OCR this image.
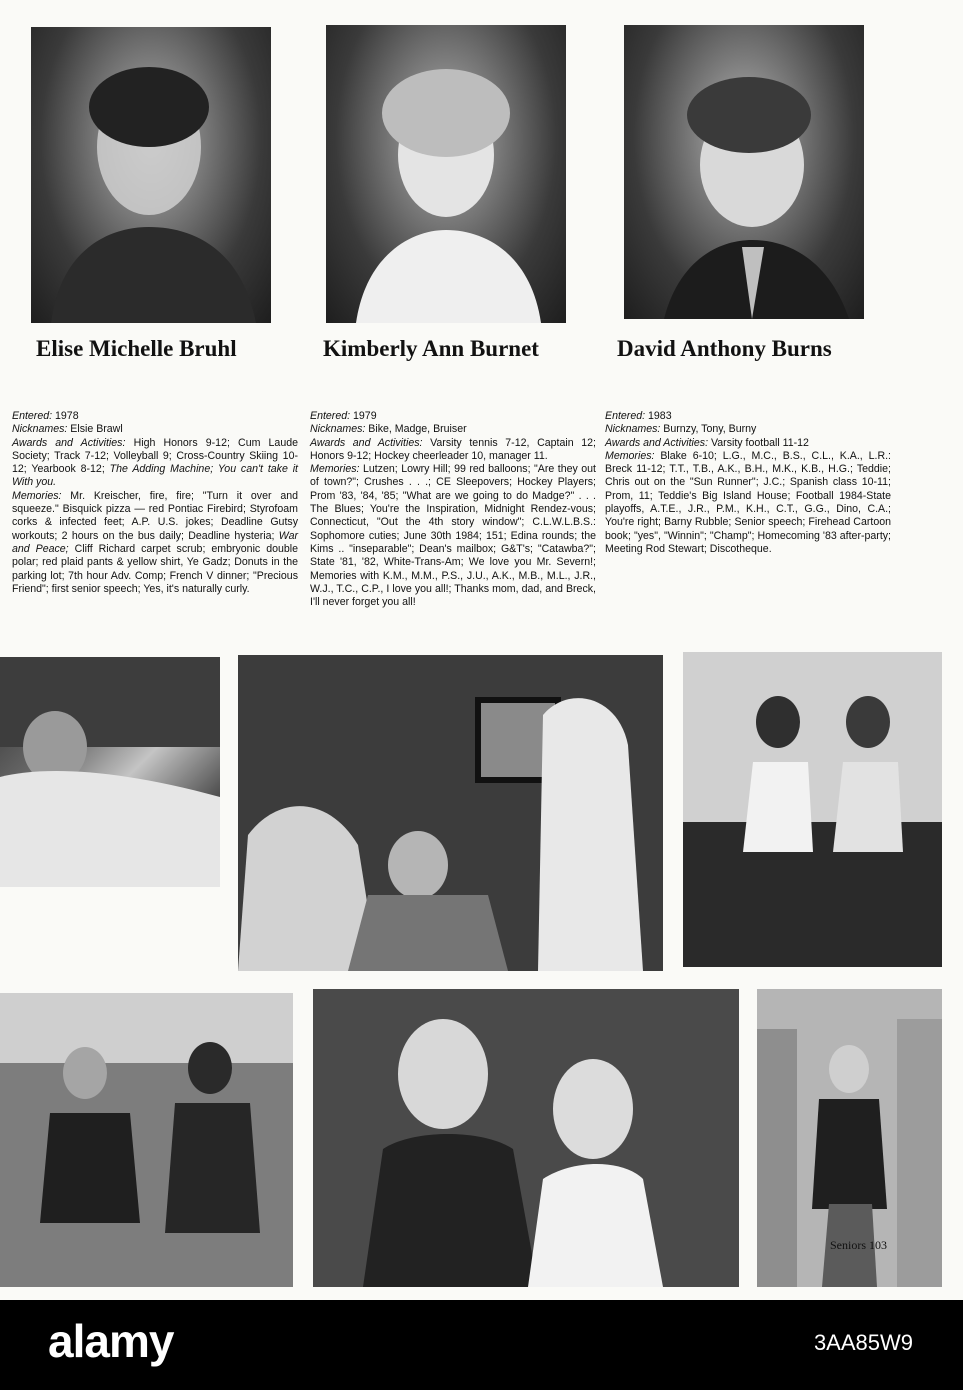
Elise Michelle Bruhl	Kimberly Ann Burnet	David Anthony Burns

Entered: 1978

Nicknames: Elsie Brawl

Awards and Activities: High Honors 9-12; Cum Laude Society; Track 7-12; Volleyball 9; Cross-Country Skiing 10-12; Yearbook 8-12; The Adding Machine; You can't take it With you.

Memories: Mr. Kreischer, fire, fire; "Turn it over and squeeze." Bisquick pizza — red Pontiac Firebird; Styrofoam corks & infected feet; A.P. U.S. jokes; Deadline Gutsy workouts; 2 hours on the bus daily; Deadline hysteria; War and Peace; Cliff Richard carpet scrub; embryonic double polar; red plaid pants & yellow shirt, Ye Gadz; Donuts in the parking lot; 7th hour Adv. Comp; French V dinner; "Precious Friend"; first senior speech; Yes, it's naturally curly.

Entered: 1979

Nicknames: Bike, Madge, Bruiser

Awards and Activities: Varsity tennis 7-12, Captain 12; Honors 9-12; Hockey cheerleader 10, manager 11.

Memories: Lutzen; Lowry Hill; 99 red balloons; "Are they out of town?"; Crushes . . .; CE Sleepovers; Hockey Players; Prom '83, '84, '85; "What are we going to do Madge?" . . . The Blues; You're the Inspiration, Midnight Rendez-vous; Connecticut, "Out the 4th story window"; C.L.W.L.B.S.: Sophomore cuties; June 30th 1984; 151; Edina rounds; the Kims .. "inseparable"; Dean's mailbox; G&T's; "Catawba?"; State '81, '82, White-Trans-Am; We love you Mr. Severn!; Memories with K.M., M.M., P.S., J.U., A.K., M.B., M.L., J.R., W.J., T.C., C.P., I love you all!; Thanks mom, dad, and Breck, I'll never forget you all!

Entered: 1983

Nicknames: Burnzy, Tony, Burny

Awards and Activities: Varsity football 11-12

Memories: Blake 6-10; L.G., M.C., B.S., C.L., K.A., L.R.: Breck 11-12; T.T., T.B., A.K., B.H., M.K., K.B., H.G.; Teddie; Chris out on the "Sun Runner"; J.C.; Spanish class 10-11; Prom, 11; Teddie's Big Island House; Football 1984-State playoffs, A.T.E., J.R., P.M., K.H., C.T., G.G., Dino, C.A.; You're right; Barny Rubble; Senior speech; Firehead Cartoon book; "yes", "Winnin"; "Champ"; Homecoming '83 after-party; Meeting Rod Stewart; Discotheque.

Seniors 103
alamy	3AA85W9
